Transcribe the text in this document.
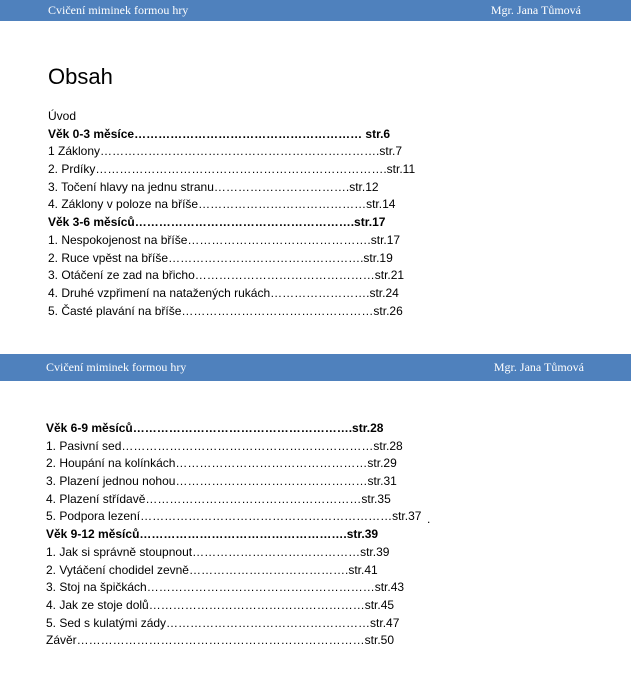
Cvičení miminek formou hry	Mgr. Jana Tůmová
Obsah
Úvod
Věk 0-3 měsíce………………………………………………… str.6
1 Záklony…………………………………………………………….str.7
2. Prdíky……………………………………………………………….str.11
3. Točení hlavy na jednu stranu…………………………….str.12
4. Záklony v poloze na bříše……………………………………str.14
Věk 3-6 měsíců……………………………………………….str.17
1. Nespokojenost na bříše……………………………………….str.17
2. Ruce vpěst na bříše………………………………………….str.19
3. Otáčení ze zad na břicho………………………………………str.21
4. Druhé vzpřimení na natažených rukách…………………….str.24
5. Časté plavání na bříše…………………………………………str.26
Cvičení miminek formou hry	Mgr. Jana Tůmová
Věk 6-9 měsíců……………………………………………….str.28
1. Pasivní sed………………………………………………………str.28
2. Houpání na kolínkách…………………………………………str.29
3. Plazení jednou nohou…………………………………………str.31
4. Plazení střídavě………………………………………………str.35
5. Podpora lezení………………………………………………………str.37
Věk 9-12 měsíců…………………………………………….str.39
1. Jak si správně stoupnout……………………………………str.39
2. Vytáčení chodidel zevně………………………………….str.41
3. Stoj na špičkách…………………………………………………str.43
4. Jak ze stoje dolů………………………………………………str.45
5. Sed s kulatými zády……………………………………………str.47
Závěr………………………………………………………………str.50
.
